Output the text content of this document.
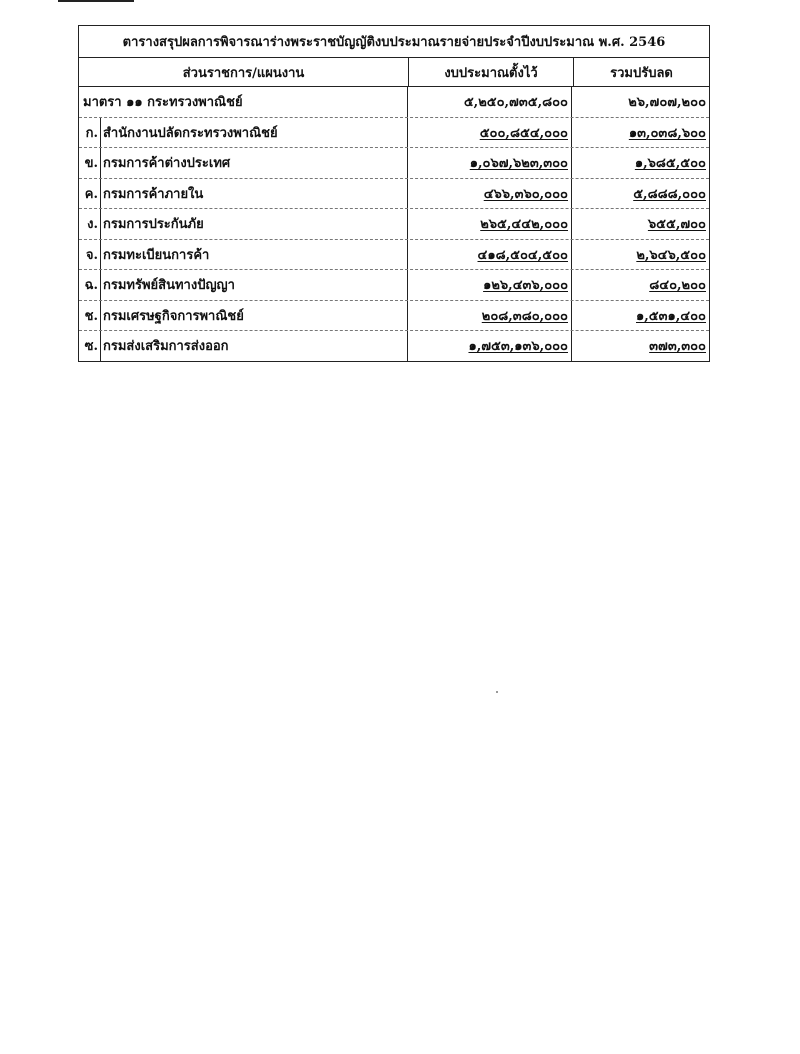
ตารางสรุปผลการพิจารณาร่างพระราชบัญญัติงบประมาณรายจ่ายประจำปีงบประมาณ พ.ศ. 2546
ส่วนราชการ/แผนงาน	งบประมาณตั้งไว้	รวมปรับลด
มาตรา ๑๑ กระทรวงพาณิชย์	๕,๒๕๐,๗๓๕,๘๐๐	๒๖,๗๐๗,๒๐๐
ก. สำนักงานปลัดกระทรวงพาณิชย์	๕๐๐,๘๕๔,๐๐๐	๑๓,๐๓๘,๖๐๐
ข. กรมการค้าต่างประเทศ	๑,๐๖๗,๖๒๓,๓๐๐	๑,๖๘๕,๕๐๐
ค. กรมการค้าภายใน	๔๖๖,๓๖๐,๐๐๐	๕,๘๘๘,๐๐๐
ง. กรมการประกันภัย	๒๖๕,๔๔๒,๐๐๐	๖๕๕,๗๐๐
จ. กรมทะเบียนการค้า	๔๑๘,๕๐๔,๕๐๐	๒,๖๔๖,๕๐๐
ฉ. กรมทรัพย์สินทางปัญญา	๑๒๖,๔๓๖,๐๐๐	๘๔๐,๒๐๐
ช. กรมเศรษฐกิจการพาณิชย์	๒๐๘,๓๘๐,๐๐๐	๑,๕๓๑,๔๐๐
ซ. กรมส่งเสริมการส่งออก	๑,๗๕๓,๑๓๖,๐๐๐	๓๗๓,๓๐๐
